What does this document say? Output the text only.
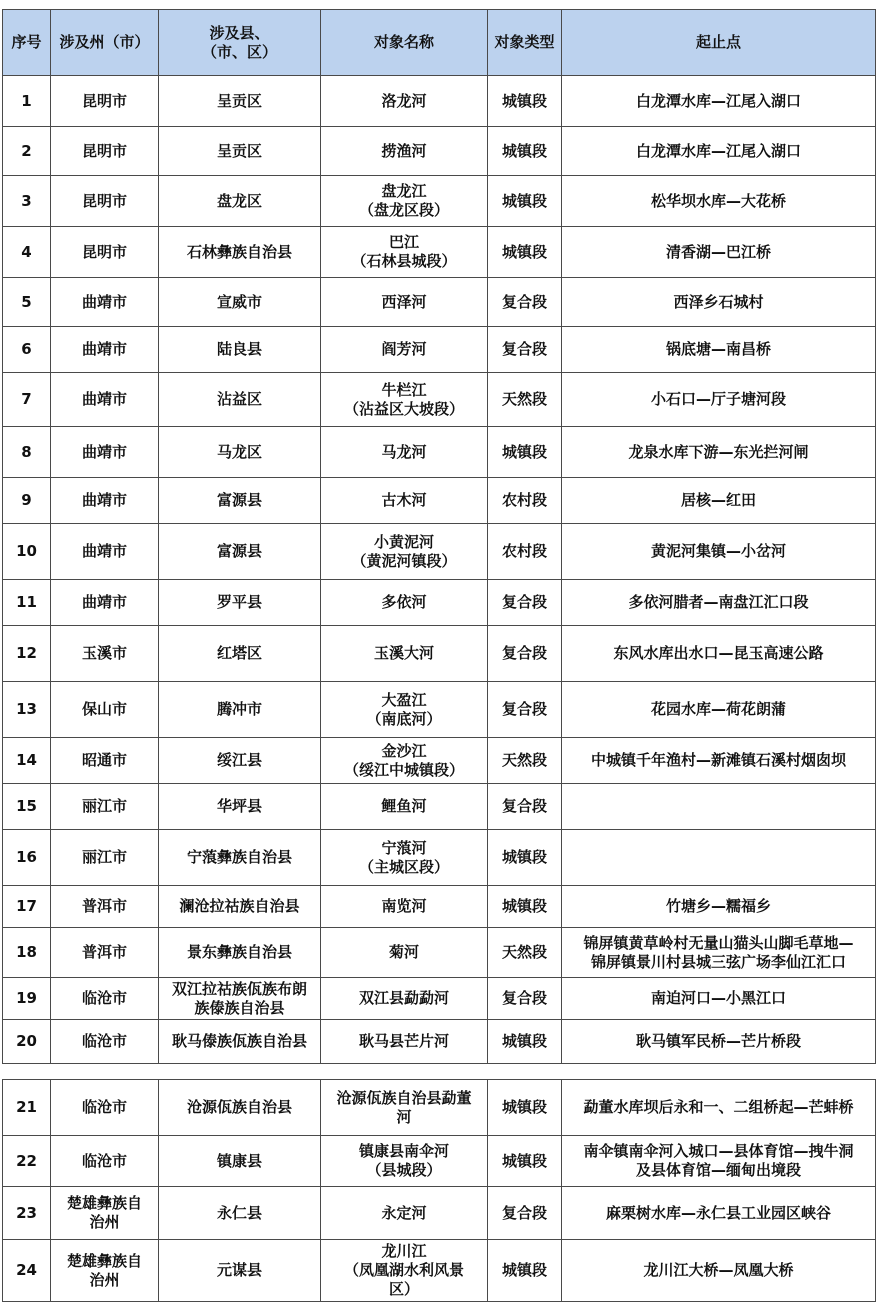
序号	涉及州（市）	涉及县、
（市、区）	对象名称	对象类型	起止点
1	昆明市	呈贡区	洛龙河	城镇段	白龙潭水库—江尾入湖口
2	昆明市	呈贡区	捞渔河	城镇段	白龙潭水库—江尾入湖口
3	昆明市	盘龙区	盘龙江
（盘龙区段）	城镇段	松华坝水库—大花桥
4	昆明市	石林彝族自治县	巴江
（石林县城段）	城镇段	清香湖—巴江桥
5	曲靖市	宣威市	西泽河	复合段	西泽乡石城村
6	曲靖市	陆良县	阎芳河	复合段	锅底塘—南昌桥
7	曲靖市	沾益区	牛栏江
（沾益区大坡段）	天然段	小石口—厅子塘河段
8	曲靖市	马龙区	马龙河	城镇段	龙泉水库下游—东光拦河闸
9	曲靖市	富源县	古木河	农村段	居核—红田
10	曲靖市	富源县	小黄泥河
（黄泥河镇段）	农村段	黄泥河集镇—小岔河
11	曲靖市	罗平县	多依河	复合段	多依河腊者—南盘江汇口段
12	玉溪市	红塔区	玉溪大河	复合段	东风水库出水口—昆玉高速公路
13	保山市	腾冲市	大盈江
（南底河）	复合段	花园水库—荷花朗蒲
14	昭通市	绥江县	金沙江
（绥江中城镇段）	天然段	中城镇千年渔村—新滩镇石溪村烟囱坝
15	丽江市	华坪县	鲤鱼河	复合段	
16	丽江市	宁蒗彝族自治县	宁蒗河
（主城区段）	城镇段	
17	普洱市	澜沧拉祜族自治县	南览河	城镇段	竹塘乡—糯福乡
18	普洱市	景东彝族自治县	菊河	天然段	锦屏镇黄草岭村无量山猫头山脚毛草地—
锦屏镇景川村县城三弦广场李仙江汇口
19	临沧市	双江拉祜族佤族布朗
族傣族自治县	双江县勐勐河	复合段	南迫河口—小黑江口
20	临沧市	耿马傣族佤族自治县	耿马县芒片河	城镇段	耿马镇军民桥—芒片桥段
21	临沧市	沧源佤族自治县	沧源佤族自治县勐董
河	城镇段	勐董水库坝后永和一、二组桥起—芒蚌桥
22	临沧市	镇康县	镇康县南伞河
（县城段）	城镇段	南伞镇南伞河入城口—县体育馆—拽牛洞
及县体育馆—缅甸出境段
23	楚雄彝族自
治州	永仁县	永定河	复合段	麻栗树水库—永仁县工业园区峡谷
24	楚雄彝族自
治州	元谋县	龙川江
（凤凰湖水利风景
区）	城镇段	龙川江大桥—凤凰大桥
